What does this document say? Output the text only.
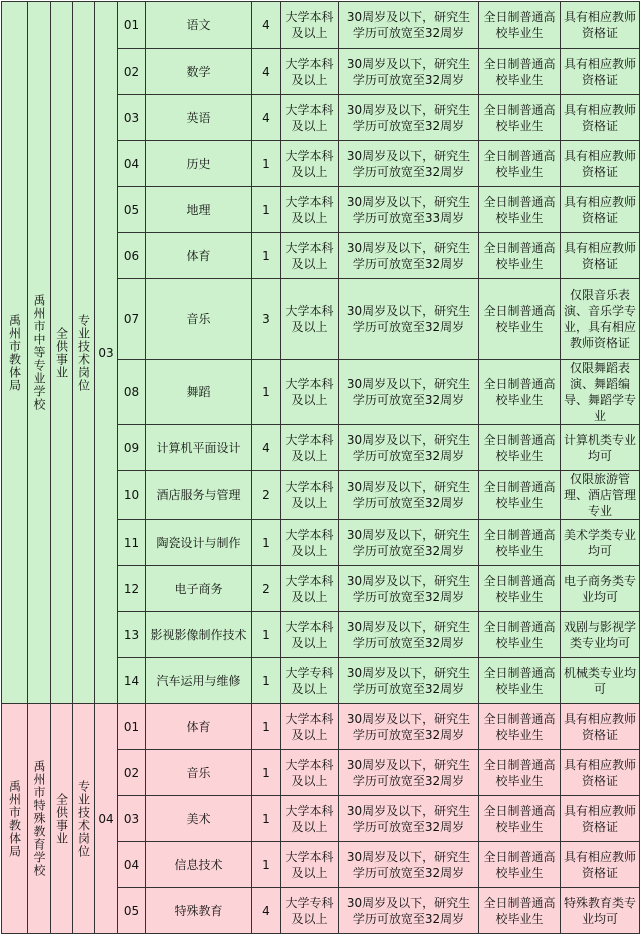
禹州市教体局	禹州市中等专业学校	全供事业	专业技术岗位	03	01	语文	4	大学本科及以上	30周岁及以下，研究生学历可放宽至32周岁	全日制普通高校毕业生	具有相应教师资格证
					02	数学	4	大学本科及以上	30周岁及以下，研究生学历可放宽至32周岁	全日制普通高校毕业生	具有相应教师资格证
					03	英语	4	大学本科及以上	30周岁及以下，研究生学历可放宽至32周岁	全日制普通高校毕业生	具有相应教师资格证
					04	历史	1	大学本科及以上	30周岁及以下，研究生学历可放宽至32周岁	全日制普通高校毕业生	具有相应教师资格证
					05	地理	1	大学本科及以上	30周岁及以下，研究生学历可放宽至33周岁	全日制普通高校毕业生	具有相应教师资格证
					06	体育	1	大学本科及以上	30周岁及以下，研究生学历可放宽至32周岁	全日制普通高校毕业生	具有相应教师资格证
					07	音乐	3	大学本科及以上	30周岁及以下，研究生学历可放宽至32周岁	全日制普通高校毕业生	仅限音乐表演、音乐学专业，具有相应教师资格证
					08	舞蹈	1	大学本科及以上	30周岁及以下，研究生学历可放宽至32周岁	全日制普通高校毕业生	仅限舞蹈表演、舞蹈编导、舞蹈学专业
					09	计算机平面设计	4	大学本科及以上	30周岁及以下，研究生学历可放宽至32周岁	全日制普通高校毕业生	计算机类专业均可
					10	酒店服务与管理	2	大学本科及以上	30周岁及以下，研究生学历可放宽至32周岁	全日制普通高校毕业生	仅限旅游管理、酒店管理专业
					11	陶瓷设计与制作	1	大学本科及以上	30周岁及以下，研究生学历可放宽至32周岁	全日制普通高校毕业生	美术学类专业均可
					12	电子商务	2	大学本科及以上	30周岁及以下，研究生学历可放宽至32周岁	全日制普通高校毕业生	电子商务类专业均可
					13	影视影像制作技术	1	大学本科及以上	30周岁及以下，研究生学历可放宽至32周岁	全日制普通高校毕业生	戏剧与影视学类专业均可
					14	汽车运用与维修	1	大学专科及以上	30周岁及以下，研究生学历可放宽至32周岁	全日制普通高校毕业生	机械类专业均可
禹州市教体局	禹州市特殊教育学校	全供事业	专业技术岗位	04	01	体育	1	大学本科及以上	30周岁及以下，研究生学历可放宽至32周岁	全日制普通高校毕业生	具有相应教师资格证
					02	音乐	1	大学本科及以上	30周岁及以下，研究生学历可放宽至32周岁	全日制普通高校毕业生	具有相应教师资格证
					03	美术	1	大学本科及以上	30周岁及以下，研究生学历可放宽至32周岁	全日制普通高校毕业生	具有相应教师资格证
					04	信息技术	1	大学本科及以上	30周岁及以下，研究生学历可放宽至32周岁	全日制普通高校毕业生	具有相应教师资格证
					05	特殊教育	4	大学专科及以上	30周岁及以下，研究生学历可放宽至32周岁	全日制普通高校毕业生	特殊教育类专业均可
